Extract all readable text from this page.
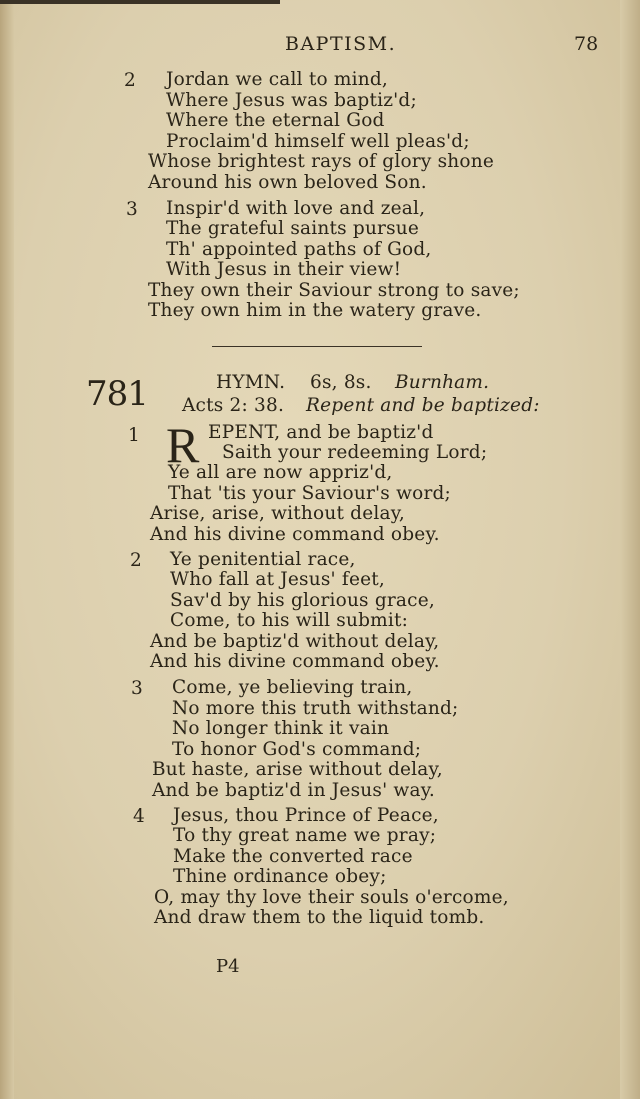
BAPTISM.	78
2 Jordan we call to mind,
Where Jesus was baptiz'd;
Where the eternal God
Proclaim'd himself well pleas'd;
Whose brightest rays of glory shone
Around his own beloved Son.
3 Inspir'd with love and zeal,
The grateful saints pursue
Th' appointed paths of God,
With Jesus in their view!
They own their Saviour strong to save;
They own him in the watery grave.
781	HYMN. 6s, 8s. Burnham.
Acts 2: 38. Repent and be baptized:
1 R EPENT, and be baptiz'd
Saith your redeeming Lord;
Ye all are now appriz'd,
That 'tis your Saviour's word;
Arise, arise, without delay,
And his divine command obey.
2 Ye penitential race,
Who fall at Jesus' feet,
Sav'd by his glorious grace,
Come, to his will submit:
And be baptiz'd without delay,
And his divine command obey.
3 Come, ye believing train,
No more this truth withstand;
No longer think it vain
To honor God's command;
But haste, arise without delay,
And be baptiz'd in Jesus' way.
4 Jesus, thou Prince of Peace,
To thy great name we pray;
Make the converted race
Thine ordinance obey;
O, may thy love their souls o'ercome,
And draw them to the liquid tomb.
P4
